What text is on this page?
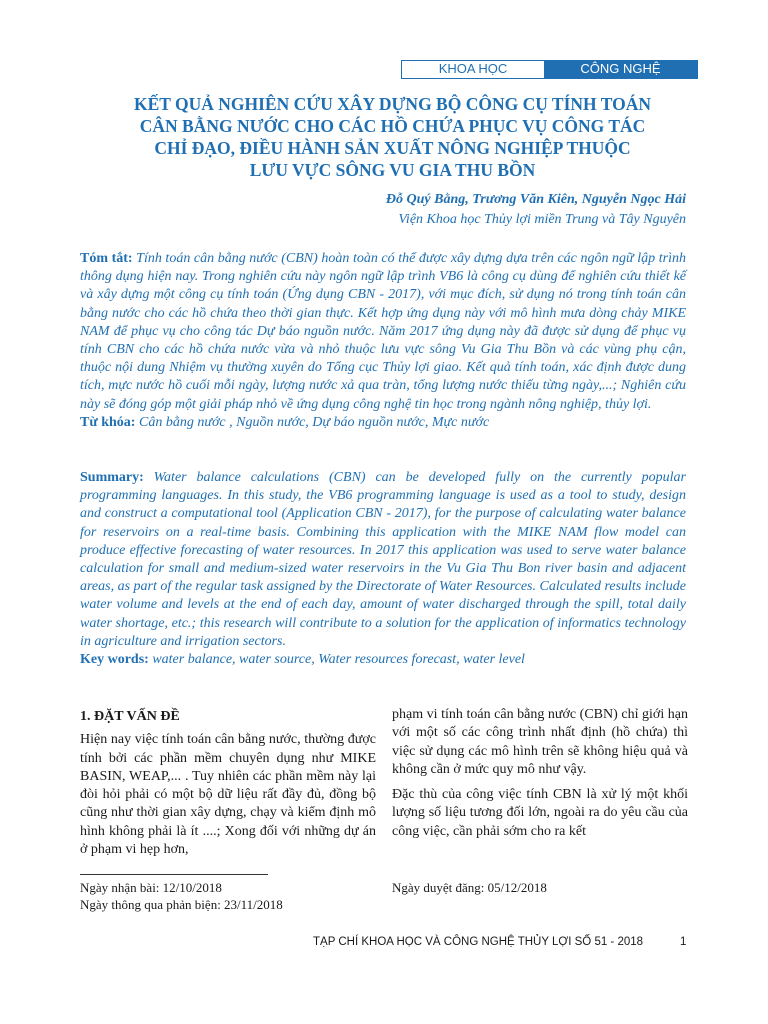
KHOA HỌC	CÔNG NGHỆ
KẾT QUẢ NGHIÊN CỨU XÂY DỰNG BỘ CÔNG CỤ TÍNH TOÁN
CÂN BẰNG NƯỚC CHO CÁC HỒ CHỨA PHỤC VỤ CÔNG TÁC
CHỈ ĐẠO, ĐIỀU HÀNH SẢN XUẤT NÔNG NGHIỆP THUỘC
LƯU VỰC SÔNG VU GIA THU BỒN
Đỗ Quý Bằng, Trương Văn Kiên, Nguyễn Ngọc Hải
Viện Khoa học Thủy lợi miền Trung và Tây Nguyên

Tóm tắt: Tính toán cân bằng nước (CBN) hoàn toàn có thể được xây dựng dựa trên các ngôn ngữ lập trình thông dụng hiện nay. Trong nghiên cứu này ngôn ngữ lập trình VB6 là công cụ dùng để nghiên cứu thiết kế và xây dựng một công cụ tính toán (Ứng dụng CBN - 2017), với mục đích, sử dụng nó trong tính toán cân bằng nước cho các hồ chứa theo thời gian thực. Kết hợp ứng dụng này với mô hình mưa dòng chảy MIKE NAM để phục vụ cho công tác Dự báo nguồn nước. Năm 2017 ứng dụng này đã được sử dụng để phục vụ tính CBN cho các hồ chứa nước vừa và nhỏ thuộc lưu vực sông Vu Gia Thu Bồn và các vùng phụ cận, thuộc nội dung Nhiệm vụ thường xuyên do Tổng cục Thủy lợi giao. Kết quả tính toán, xác định được dung tích, mực nước hồ cuối mỗi ngày, lượng nước xả qua tràn, tổng lượng nước thiếu từng ngày,...; Nghiên cứu này sẽ đóng góp một giải pháp nhỏ về ứng dụng công nghệ tin học trong ngành nông nghiệp, thủy lợi.

Từ khóa: Cân bằng nước , Nguồn nước, Dự báo nguồn nước, Mực nước

Summary: Water balance calculations (CBN) can be developed fully on the currently popular programming languages. In this study, the VB6 programming language is used as a tool to study, design and construct a computational tool (Application CBN - 2017), for the purpose of calculating water balance for reservoirs on a real-time basis. Combining this application with the MIKE NAM flow model can produce effective forecasting of water resources. In 2017 this application was used to serve water balance calculation for small and medium-sized water reservoirs in the Vu Gia Thu Bon river basin and adjacent areas, as part of the regular task assigned by the Directorate of Water Resources. Calculated results include water volume and levels at the end of each day, amount of water discharged through the spill, total daily water shortage, etc.; this research will contribute to a solution for the application of informatics technology in agriculture and irrigation sectors.

Key words: water balance, water source, Water resources forecast, water level

1. ĐẶT VẤN ĐỀ

Hiện nay việc tính toán cân bằng nước, thường được tính bởi các phần mềm chuyên dụng như MIKE BASIN, WEAP,... . Tuy nhiên các phần mềm này lại đòi hỏi phải có một bộ dữ liệu rất đầy đủ, đồng bộ cũng như thời gian xây dựng, chạy và kiểm định mô hình không phải là ít ....; Xong đối với những dự án ở phạm vi hẹp hơn,

phạm vi tính toán cân bằng nước (CBN) chỉ giới hạn với một số các công trình nhất định (hồ chứa) thì việc sử dụng các mô hình trên sẽ không hiệu quả và không cần ở mức quy mô như vậy.

Đặc thù của công việc tính CBN là xử lý một khối lượng số liệu tương đối lớn, ngoài ra do yêu cầu của công việc, cần phải sớm cho ra kết

Ngày nhận bài: 12/10/2018
Ngày thông qua phản biện: 23/11/2018
Ngày duyệt đăng: 05/12/2018
TẠP CHÍ KHOA HỌC VÀ CÔNG NGHỆ THỦY LỢI SỐ 51 - 2018	1
